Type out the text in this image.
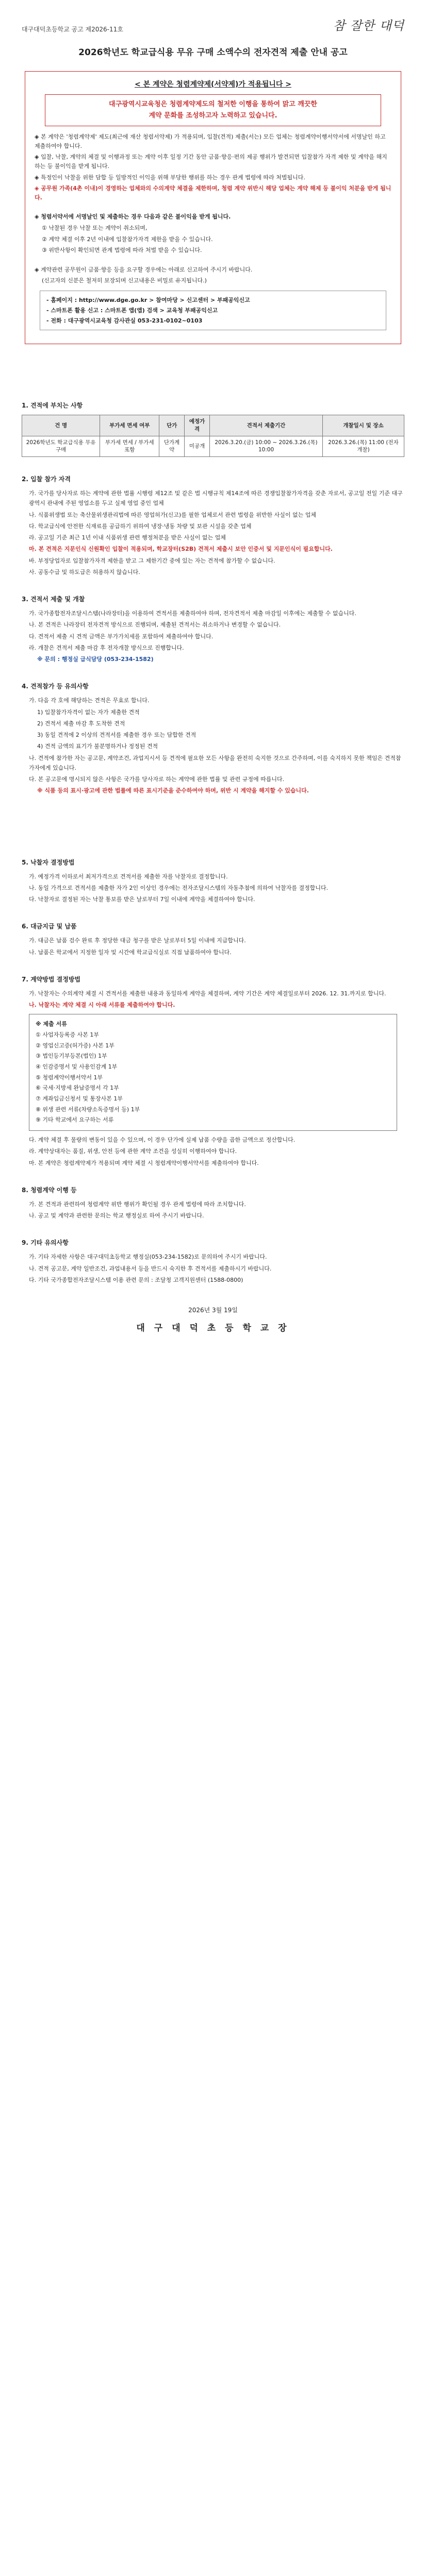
대구대덕초등학교 공고 제2026-11호	참 잘한 대덕
2026학년도 학교급식용 무유 구매 소액수의 전자견적 제출 안내 공고
< 본 계약은 청렴계약제(서약제)가 적용됩니다 >
대구광역시교육청은 청렴계약제도의 철저한 이행을 통하여 맑고 깨끗한
계약 문화를 조성하고자 노력하고 있습니다.

◈ 본 계약은 '청렴계약제' 제도(최근에 재산 청렴서약제) 가 적용되며, 입찰(견적) 제출(서는) 모든 업체는 청렴계약이행서약서에 서명날인 하고 제출하여야 합니다.

◈ 입찰, 낙찰, 계약의 체결 및 이행과정 또는 계약 이후 일정 기간 동안 금품·향응·편의 제공 행위가 발견되면 입찰참가 자격 제한 및 계약을 해지하는 등 불이익을 받게 됩니다.

◈ 특정인이 낙찰을 위한 담합 등 일방적인 이익을 위해 부당한 행위를 하는 경우 관계 법령에 따라 처벌됩니다.

◈ 공무원 가족(4촌 이내)이 경영하는 업체와의 수의계약 체결을 제한하며, 청렴 계약 위반시 해당 업체는 계약 해제 등 불이익 처분을 받게 됩니다.

◈ 청렴서약서에 서명날인 및 제출하는 경우 다음과 같은 불이익을 받게 됩니다.

① 낙찰된 경우 낙찰 또는 계약이 취소되며,

② 계약 체결 이후 2년 이내에 입찰참가자격 제한을 받을 수 있습니다.

③ 위반사항이 확인되면 관계 법령에 따라 처벌 받을 수 있습니다.

◈ 계약관련 공무원이 금품·향응 등을 요구할 경우에는 아래로 신고하여 주시기 바랍니다.

(신고자의 신분은 철저히 보장되며 신고내용은 비밀로 유지됩니다.)

- 홈페이지 : http://www.dge.go.kr > 참여마당 > 신고센터 > 부패공익신고
- 스마트폰 활용 신고 : 스마트폰 앱(앱) 검색 > 교육청 부패공익신고
- 전화 : 대구광역시교육청 감사관실 053-231-0102~0103
1. 견적에 부치는 사항
건 명	부가세 면세 여부	단가	예정가격	견적서 제출기간	개찰일시 및 장소
2026학년도 학교급식용 무유 구매	부가세 면세 / 부가세 포함	단가계약	미공개	2026.3.20.(금) 10:00 ~ 2026.3.26.(목) 10:00	2026.3.26.(목) 11:00 (전자개찰)
2. 입찰 참가 자격

가. 국가를 당사자로 하는 계약에 관한 법률 시행령 제12조 및 같은 법 시행규칙 제14조에 따른 경쟁입찰참가자격을 갖춘 자로서, 공고일 전일 기준 대구광역시 관내에 주된 영업소를 두고 실제 영업 중인 업체

나. 식품위생법 또는 축산물위생관리법에 따른 영업허가(신고)를 필한 업체로서 관련 법령을 위반한 사실이 없는 업체

다. 학교급식에 안전한 식재료를 공급하기 위하여 냉장·냉동 차량 및 보관 시설을 갖춘 업체

라. 공고일 기준 최근 1년 이내 식품위생 관련 행정처분을 받은 사실이 없는 업체

마. 본 견적은 지문인식 신원확인 입찰이 적용되며, 학교장터(S2B) 견적서 제출시 보안 인증서 및 지문인식이 필요합니다.

바. 부정당업자로 입찰참가자격 제한을 받고 그 제한기간 중에 있는 자는 견적에 참가할 수 없습니다.

사. 공동수급 및 하도급은 허용하지 않습니다.

3. 견적서 제출 및 개찰

가. 국가종합전자조달시스템(나라장터)을 이용하여 견적서를 제출하여야 하며, 전자견적서 제출 마감일 이후에는 제출할 수 없습니다.

나. 본 견적은 나라장터 전자견적 방식으로 진행되며, 제출된 견적서는 취소하거나 변경할 수 없습니다.

다. 견적서 제출 시 견적 금액은 부가가치세를 포함하여 제출하여야 합니다.

라. 개찰은 견적서 제출 마감 후 전자개찰 방식으로 진행합니다.

※ 문의 : 행정실 급식담당 (053-234-1582)

4. 견적참가 등 유의사항

가. 다음 각 호에 해당하는 견적은 무효로 합니다.

1) 입찰참가자격이 없는 자가 제출한 견적

2) 견적서 제출 마감 후 도착한 견적

3) 동일 견적에 2 이상의 견적서를 제출한 경우 또는 담합한 견적

4) 견적 금액의 표기가 불분명하거나 정정된 견적

나. 견적에 참가한 자는 공고문, 계약조건, 과업지시서 등 견적에 필요한 모든 사항을 완전히 숙지한 것으로 간주하며, 이를 숙지하지 못한 책임은 견적참가자에게 있습니다.

다. 본 공고문에 명시되지 않은 사항은 국가를 당사자로 하는 계약에 관한 법률 및 관련 규정에 따릅니다.

※ 식품 등의 표시·광고에 관한 법률에 따른 표시기준을 준수하여야 하며, 위반 시 계약을 해지할 수 있습니다.

5. 낙찰자 결정방법

가. 예정가격 이하로서 최저가격으로 견적서를 제출한 자를 낙찰자로 결정합니다.

나. 동일 가격으로 견적서를 제출한 자가 2인 이상인 경우에는 전자조달시스템의 자동추첨에 의하여 낙찰자를 결정합니다.

다. 낙찰자로 결정된 자는 낙찰 통보를 받은 날로부터 7일 이내에 계약을 체결하여야 합니다.

6. 대금지급 및 납품

가. 대금은 납품 검수 완료 후 정당한 대금 청구를 받은 날로부터 5일 이내에 지급합니다.

나. 납품은 학교에서 지정한 일자 및 시간에 학교급식실로 직접 납품하여야 합니다.

7. 계약방법 결정방법

가. 낙찰자는 수의계약 체결 시 견적서를 제출한 내용과 동일하게 계약을 체결하며, 계약 기간은 계약 체결일로부터 2026. 12. 31.까지로 합니다.

나. 낙찰자는 계약 체결 시 아래 서류를 제출하여야 합니다.

※ 제출 서류

① 사업자등록증 사본 1부

② 영업신고증(허가증) 사본 1부

③ 법인등기부등본(법인) 1부

④ 인감증명서 및 사용인감계 1부

⑤ 청렴계약이행서약서 1부

⑥ 국세·지방세 완납증명서 각 1부

⑦ 계좌입금신청서 및 통장사본 1부

⑧ 위생 관련 서류(차량소독증명서 등) 1부

⑨ 기타 학교에서 요구하는 서류

다. 계약 체결 후 물량의 변동이 있을 수 있으며, 이 경우 단가에 실제 납품 수량을 곱한 금액으로 정산합니다.

라. 계약상대자는 품질, 위생, 안전 등에 관한 계약 조건을 성실히 이행하여야 합니다.

마. 본 계약은 청렴계약제가 적용되며 계약 체결 시 청렴계약이행서약서를 제출하여야 합니다.

8. 청렴계약 이행 등

가. 본 견적과 관련하여 청렴계약 위반 행위가 확인될 경우 관계 법령에 따라 조치합니다.

나. 공고 및 계약과 관련한 문의는 학교 행정실로 하여 주시기 바랍니다.

9. 기타 유의사항

가. 기타 자세한 사항은 대구대덕초등학교 행정실(053-234-1582)로 문의하여 주시기 바랍니다.

나. 견적 공고문, 계약 일반조건, 과업내용서 등을 반드시 숙지한 후 견적서를 제출하시기 바랍니다.

다. 기타 국가종합전자조달시스템 이용 관련 문의 : 조달청 고객지원센터 (1588-0800)

2026년 3월 19일
대 구 대 덕 초 등 학 교 장
